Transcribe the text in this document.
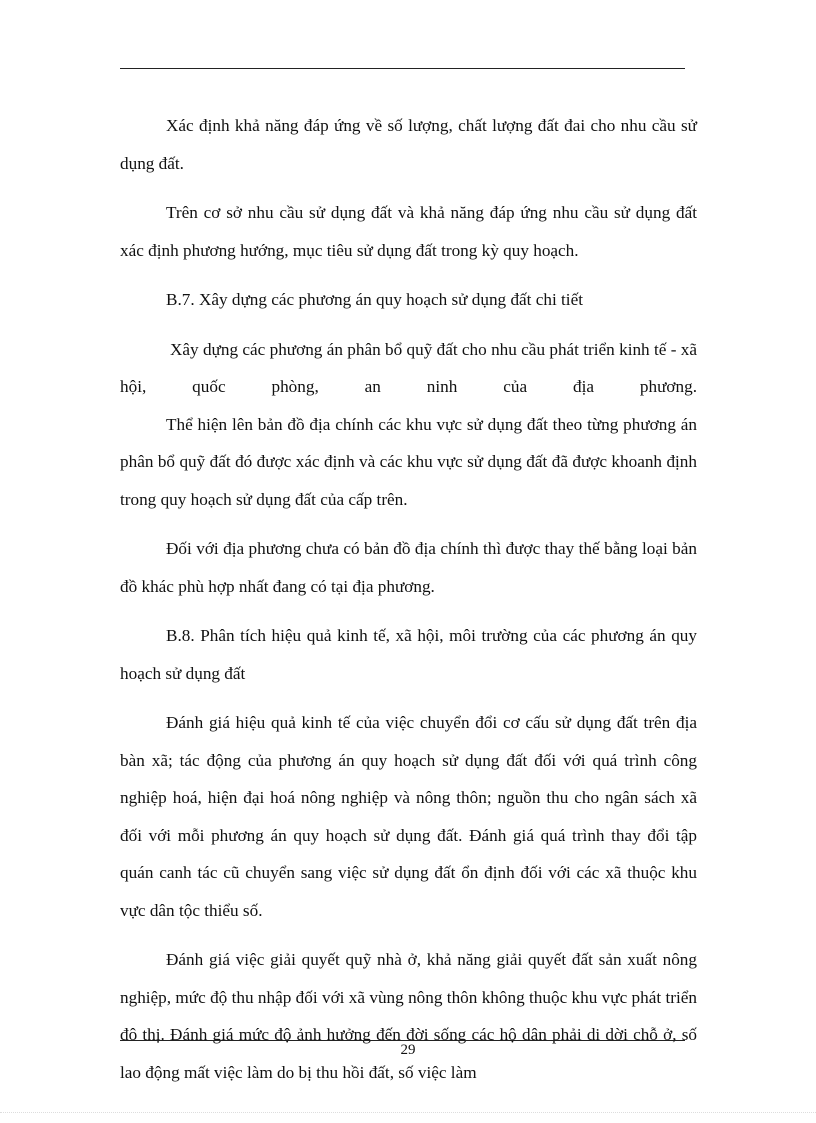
Xác định khả năng đáp ứng về số lượng, chất lượng đất đai cho nhu cầu sử dụng đất.

Trên cơ sở nhu cầu sử dụng đất và khả năng đáp ứng nhu cầu sử dụng đất xác định phương hướng, mục tiêu sử dụng đất trong kỳ quy hoạch.

B.7. Xây dựng các phương án quy hoạch sử dụng đất chi tiết

Xây dựng các phương án phân bổ quỹ đất cho nhu cầu phát triển kinh tế - xã hội, quốc phòng, an ninh của địa phương.

Thể hiện lên bản đồ địa chính các khu vực sử dụng đất theo từng phương án phân bổ quỹ đất đó được xác định và các khu vực sử dụng đất đã được khoanh định trong quy hoạch sử dụng đất của cấp trên.

Đối với địa phương chưa có bản đồ địa chính thì được thay thế bằng loại bản đồ khác phù hợp nhất đang có tại địa phương.

B.8. Phân tích hiệu quả kinh tế, xã hội, môi trường của các phương án quy hoạch sử dụng đất

Đánh giá hiệu quả kinh tế của việc chuyển đổi cơ cấu sử dụng đất trên địa bàn xã; tác động của phương án quy hoạch sử dụng đất đối với quá trình công nghiệp hoá, hiện đại hoá nông nghiệp và nông thôn; nguồn thu cho ngân sách xã đối với mỗi phương án quy hoạch sử dụng đất. Đánh giá quá trình thay đổi tập quán canh tác cũ chuyển sang việc sử dụng đất ổn định đối với các xã thuộc khu vực dân tộc thiểu số.

Đánh giá việc giải quyết quỹ nhà ở, khả năng giải quyết đất sản xuất nông nghiệp, mức độ thu nhập đối với xã vùng nông thôn không thuộc khu vực phát triển đô thị. Đánh giá mức độ ảnh hưởng đến đời sống các hộ dân phải di dời chỗ ở, số lao động mất việc làm do bị thu hồi đất, số việc làm

29
